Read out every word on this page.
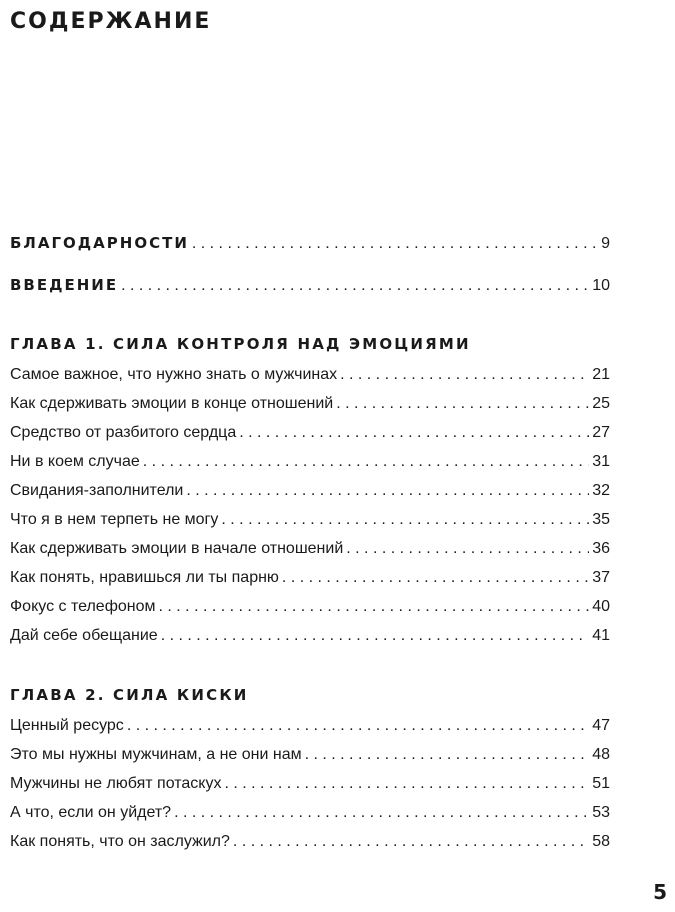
СОДЕРЖАНИЕ
БЛАГОДАРНОСТИ . . .	9
ВВЕДЕНИЕ . . .	10
ГЛАВА 1. СИЛА КОНТРОЛЯ НАД ЭМОЦИЯМИ
Самое важное, что нужно знать о мужчинах . . .	21
Как сдерживать эмоции в конце отношений . . .	25
Средство от разбитого сердца . . .	27
Ни в коем случае . . .	31
Свидания-заполнители . . .	32
Что я в нем терпеть не могу . . .	35
Как сдерживать эмоции в начале отношений . . .	36
Как понять, нравишься ли ты парню . . .	37
Фокус с телефоном . . .	40
Дай себе обещание . . .	41
ГЛАВА 2. СИЛА КИСКИ
Ценный ресурс . . .	47
Это мы нужны мужчинам, а не они нам . . .	48
Мужчины не любят потаскух . . .	51
А что, если он уйдет? . . .	53
Как понять, что он заслужил? . . .	58
5
